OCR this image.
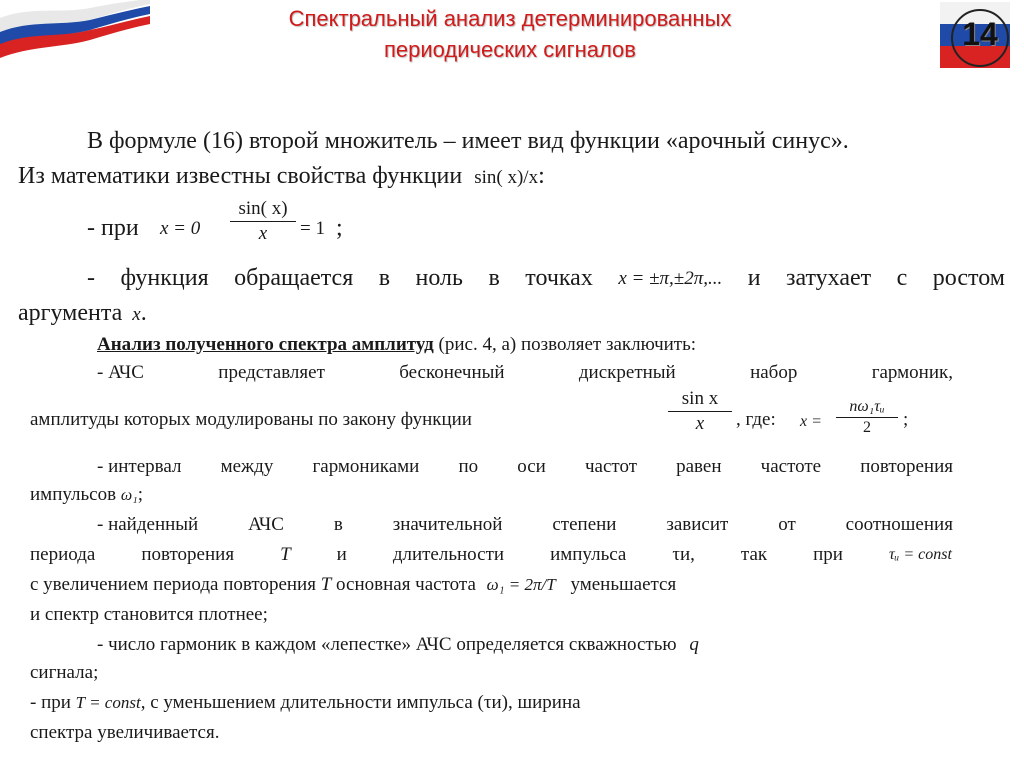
14
Спектральный анализ детерминированных
периодических сигналов
В формуле (16) второй множитель – имеет вид функции «арочный синус».
Из математики известны свойства функции sin( x)/x:
- при x = 0
sin( x)
x	= 1 ;
- функция обращается в ноль в точках x = ±π,±2π,... и затухает с ростом
аргумента x.
Анализ полученного спектра амплитуд (рис. 4, а) позволяет заключить:
- АЧС	представляет	бесконечный	дискретный	набор	гармоник,
амплитуды которых модулированы по закону функции
sin x
x	, где: x =
nω₁τᵤ
2	;
- интервал между гармониками по оси частот равен частоте повторения
импульсов ω₁;
- найденный	АЧС	в	значительной	степени	зависит	от	соотношения
периода повторения T и длительности импульса τи, так при	τᵤ = const
с увеличением периода повторения T основная частота ω₁ = 2π/T уменьшается
и спектр становится плотнее;
- число гармоник в каждом «лепестке» АЧС определяется скважностью q
сигнала;
- при T = const, с уменьшением длительности импульса (τи), ширина
спектра увеличивается.
